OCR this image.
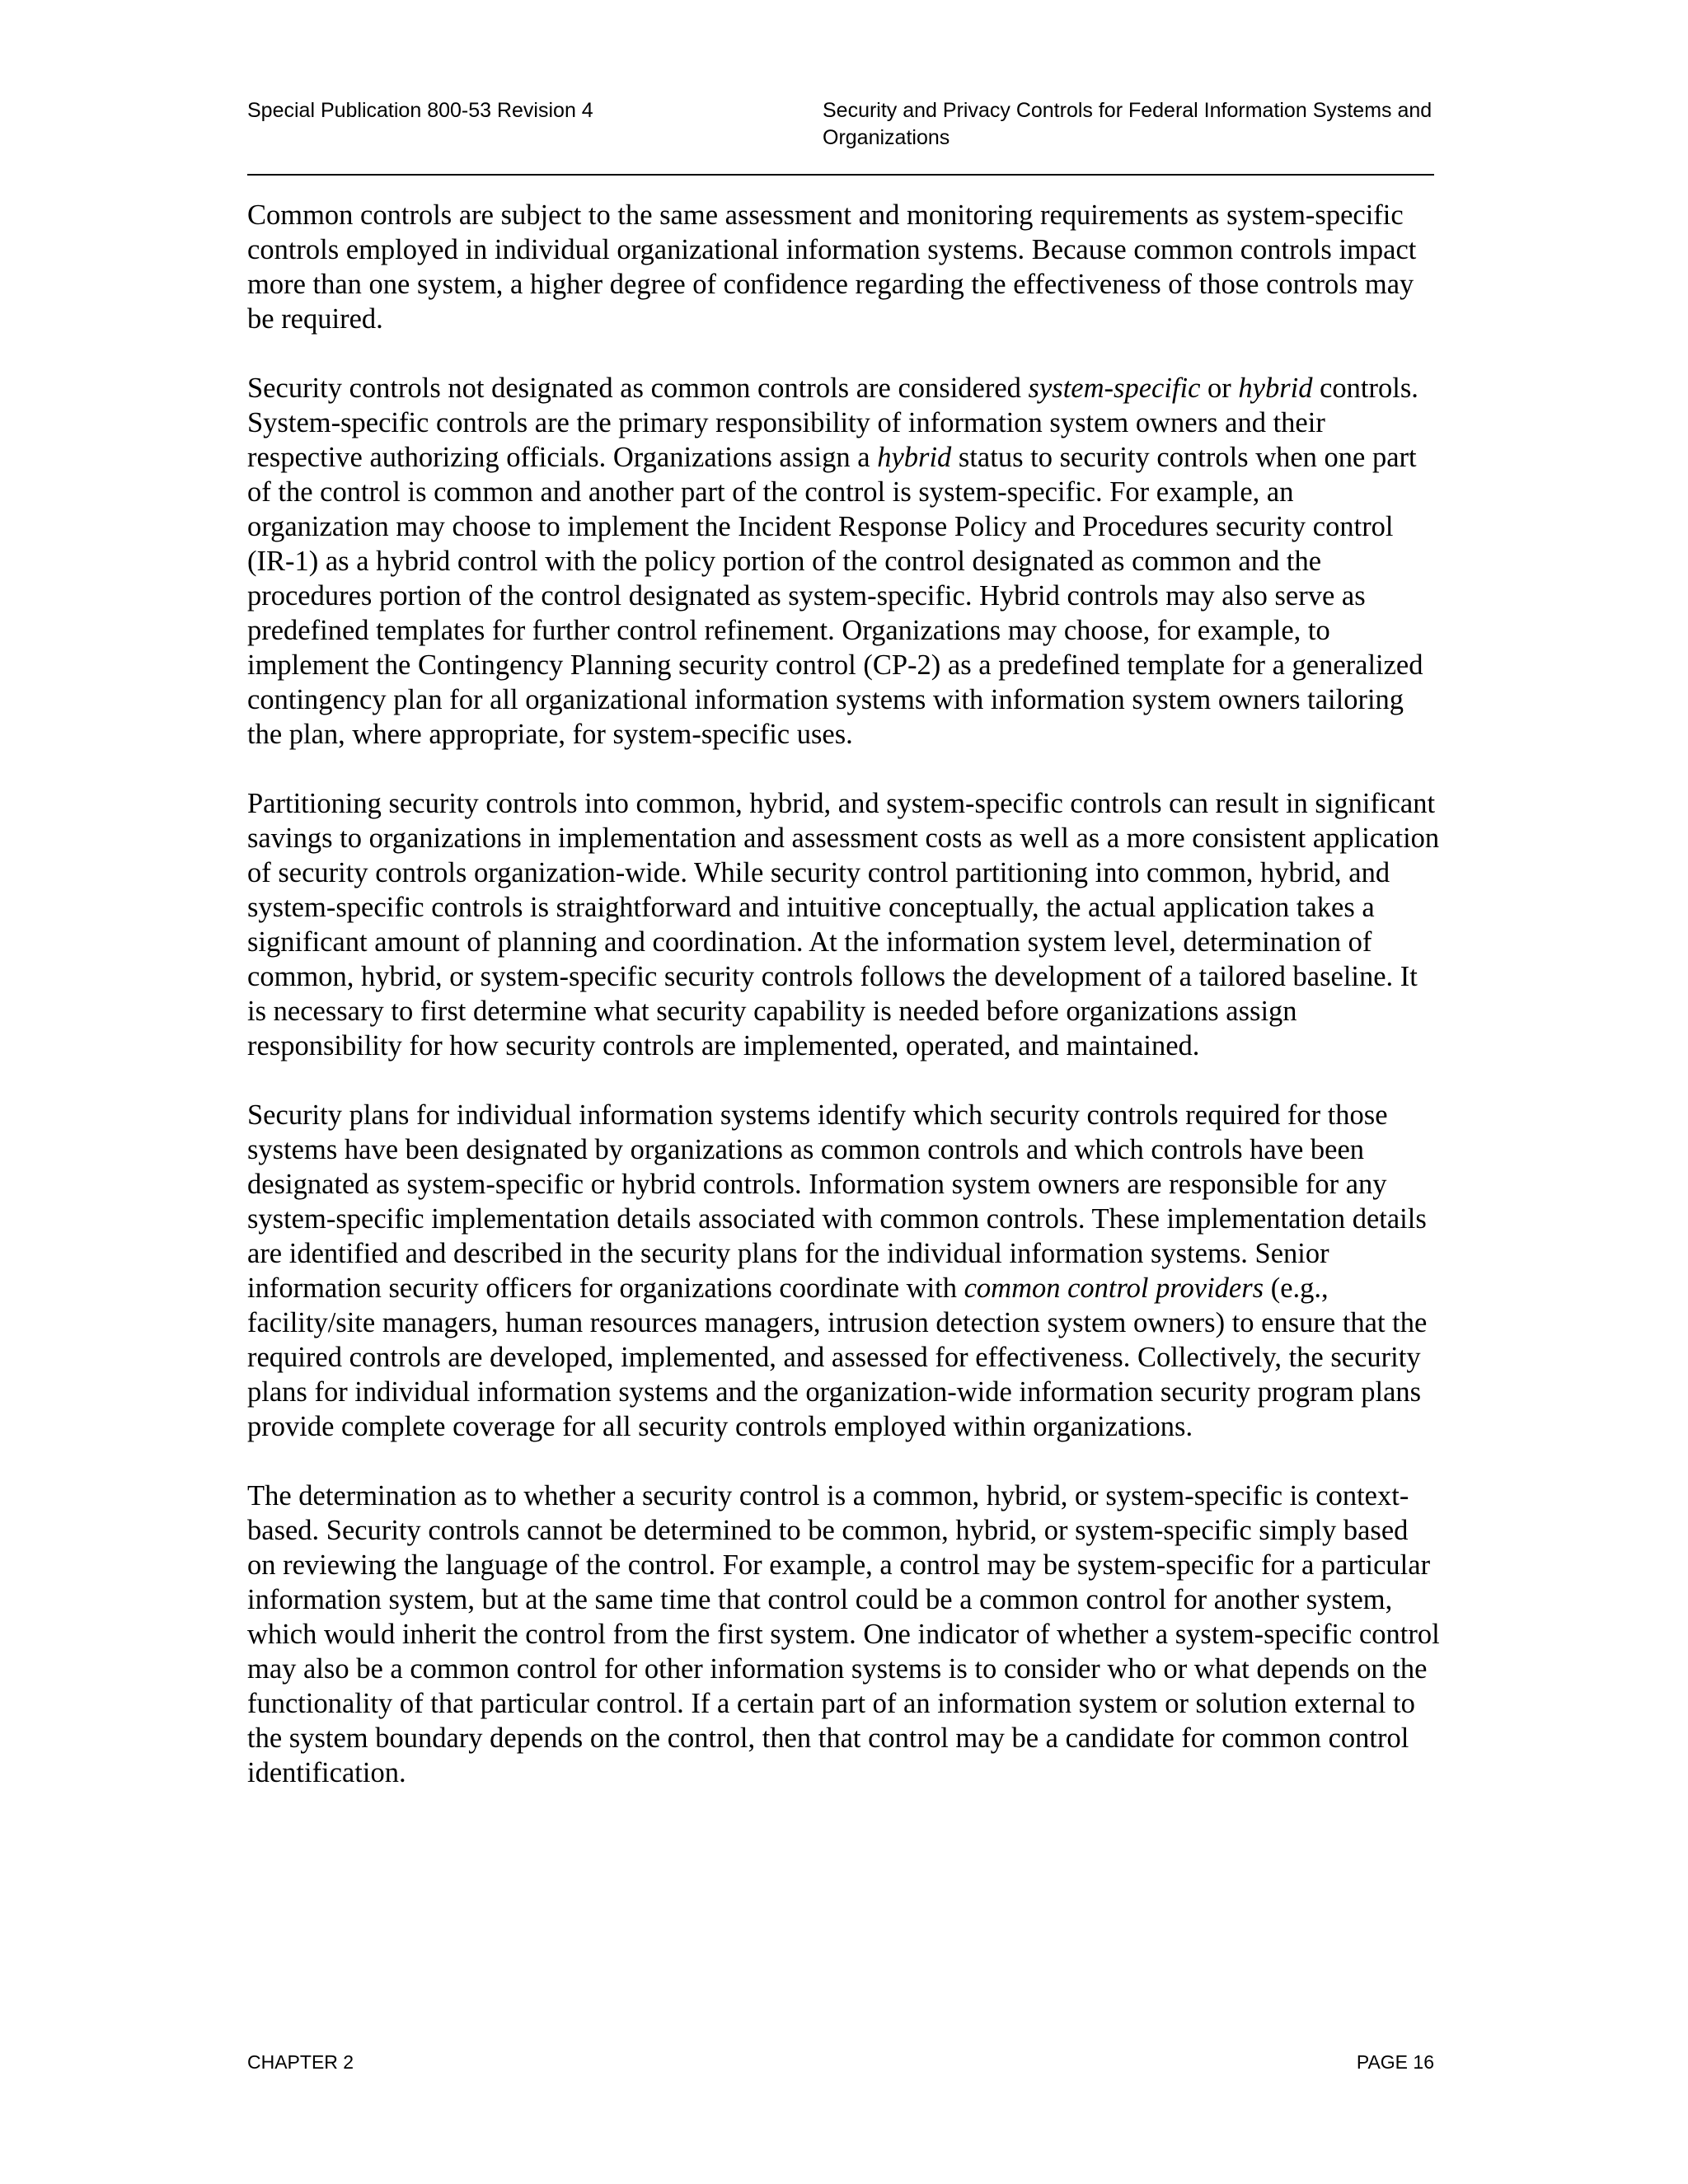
Special Publication 800-53 Revision 4	Security and Privacy Controls for Federal Information Systems and Organizations

Common controls are subject to the same assessment and monitoring requirements as system-specific controls employed in individual organizational information systems. Because common controls impact more than one system, a higher degree of confidence regarding the effectiveness of those controls may be required.

Security controls not designated as common controls are considered system-specific or hybrid controls. System-specific controls are the primary responsibility of information system owners and their respective authorizing officials. Organizations assign a hybrid status to security controls when one part of the control is common and another part of the control is system-specific. For example, an organization may choose to implement the Incident Response Policy and Procedures security control (IR-1) as a hybrid control with the policy portion of the control designated as common and the procedures portion of the control designated as system-specific. Hybrid controls may also serve as predefined templates for further control refinement. Organizations may choose, for example, to implement the Contingency Planning security control (CP-2) as a predefined template for a generalized contingency plan for all organizational information systems with information system owners tailoring the plan, where appropriate, for system-specific uses.

Partitioning security controls into common, hybrid, and system-specific controls can result in significant savings to organizations in implementation and assessment costs as well as a more consistent application of security controls organization-wide. While security control partitioning into common, hybrid, and system-specific controls is straightforward and intuitive conceptually, the actual application takes a significant amount of planning and coordination. At the information system level, determination of common, hybrid, or system-specific security controls follows the development of a tailored baseline. It is necessary to first determine what security capability is needed before organizations assign responsibility for how security controls are implemented, operated, and maintained.

Security plans for individual information systems identify which security controls required for those systems have been designated by organizations as common controls and which controls have been designated as system-specific or hybrid controls. Information system owners are responsible for any system-specific implementation details associated with common controls. These implementation details are identified and described in the security plans for the individual information systems. Senior information security officers for organizations coordinate with common control providers (e.g., facility/site managers, human resources managers, intrusion detection system owners) to ensure that the required controls are developed, implemented, and assessed for effectiveness. Collectively, the security plans for individual information systems and the organization-wide information security program plans provide complete coverage for all security controls employed within organizations.

The determination as to whether a security control is a common, hybrid, or system-specific is context-based. Security controls cannot be determined to be common, hybrid, or system-specific simply based on reviewing the language of the control. For example, a control may be system-specific for a particular information system, but at the same time that control could be a common control for another system, which would inherit the control from the first system. One indicator of whether a system-specific control may also be a common control for other information systems is to consider who or what depends on the functionality of that particular control. If a certain part of an information system or solution external to the system boundary depends on the control, then that control may be a candidate for common control identification.

CHAPTER 2	PAGE 16
